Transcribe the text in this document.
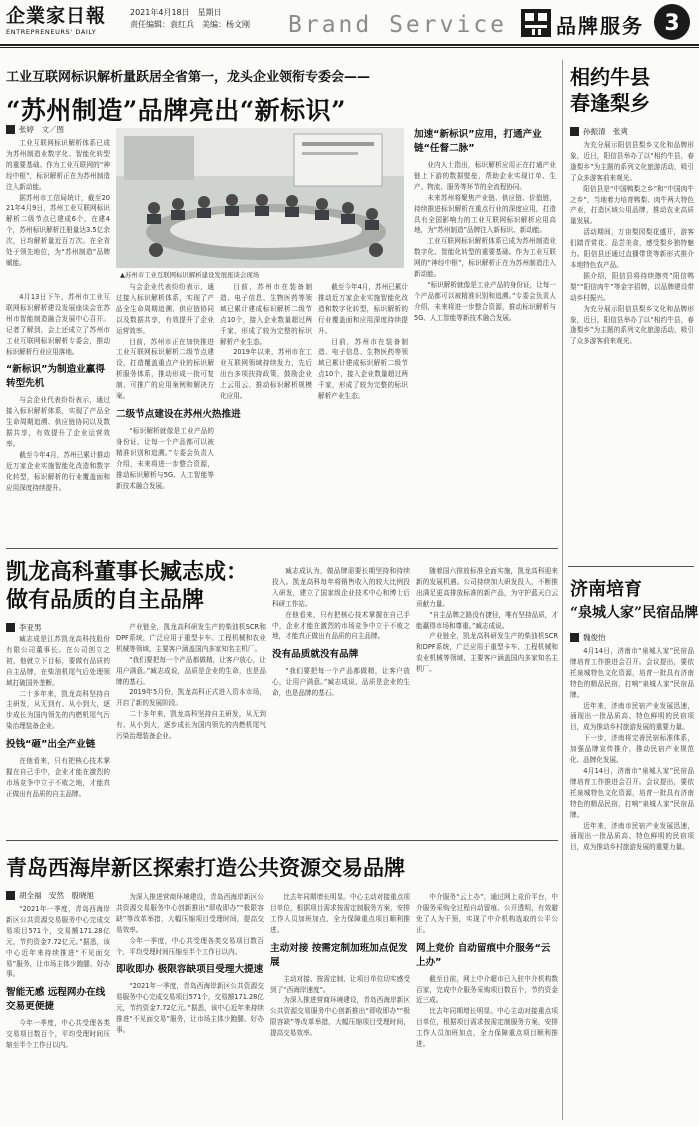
企業家日報
ENTREPRENEURS' DAILY
2021年4月18日　星期日
责任编辑：袁红兵　美编：杨文刚 Brand Service 品牌服务 3
工业互联网标识解析量跃居全省第一，龙头企业领衔专委会——
“苏州制造”品牌亮出“新标识”
张婷　文／图

工业互联网标识解析体系已成为苏州制造业数字化、智能化转型的重要基础。作为工业互联网的“神经中枢”，标识解析正在为苏州制造注入新动能。

据苏州市工信局统计，截至2021年4月9日，苏州工业互联网标识解析二级节点已建成6个，在建4个，苏州标识解析注册量达3.5亿余次，日均解析量近百万次。在全省处于领先地位，为“苏州制造”品牌赋能。

▲苏州市工业互联网标识解析建设发展座谈会现场

4月13日下午，苏州市工业互联网标识解析建设发展座谈会在苏州市智能制造融合发展中心召开。记者了解到，会上还成立了苏州市工业互联网标识解析专委会，推动标识解析行业应用落地。

“新标识”为制造业赢得转型先机

与会企业代表纷纷表示，通过接入标识解析体系，实现了产品全生命周期追溯、供应链协同以及数据共享，有效提升了企业运营效率。

截至今年4月，苏州已累计推动近万家企业实施智能化改造和数字化转型，标识解析的行业覆盖面和应用深度持续提升。

与会企业代表纷纷表示，通过接入标识解析体系，实现了产品全生命周期追溯、供应链协同以及数据共享，有效提升了企业运营效率。

目前，苏州市正在加快推进工业互联网标识解析二级节点建设，打造覆盖重点产业的标识解析服务体系，推动形成一批可复制、可推广的应用案例和解决方案。

二级节点建设在苏州火热推进

“标识解析就像是工业产品的身份证，让每一个产品都可以被精准识别和追溯。”专委会负责人介绍，未来将进一步整合资源，推动标识解析与5G、人工智能等新技术融合发展。

目前，苏州市在装备制造、电子信息、生物医药等领域已累计建成标识解析二级节点10个，接入企业数量超过两千家，形成了较为完整的标识解析产业生态。

2019年以来，苏州市在工业互联网领域持续发力，先后出台多项扶持政策，鼓励企业上云用云、推动标识解析规模化应用。

截至今年4月，苏州已累计推动近万家企业实施智能化改造和数字化转型，标识解析的行业覆盖面和应用深度持续提升。

目前，苏州市在装备制造、电子信息、生物医药等领域已累计建成标识解析二级节点10个，接入企业数量超过两千家，形成了较为完整的标识解析产业生态。

加速“新标识”应用，打通产业链“任督二脉”

业内人士指出，标识解析应用正在打通产业链上下游的数据壁垒，帮助企业实现订单、生产、物流、服务等环节的全流程协同。

未来苏州将聚焦产业链、供应链、价值链，持续推进标识解析在重点行业的深度应用，打造具有全国影响力的工业互联网标识解析应用高地，为“苏州制造”品牌注入新标识、新动能。

工业互联网标识解析体系已成为苏州制造业数字化、智能化转型的重要基础。作为工业互联网的“神经中枢”，标识解析正在为苏州制造注入新动能。

“标识解析就像是工业产品的身份证，让每一个产品都可以被精准识别和追溯。”专委会负责人介绍，未来将进一步整合资源，推动标识解析与5G、人工智能等新技术融合发展。

凯龙高科董事长臧志成：
做有品质的自主品牌
李亚男

臧志成是江苏凯龙高科技股份有限公司董事长。在公司创立之初，他就立下目标，要做有品质的自主品牌，在柴油机尾气后处理领域打破国外垄断。

二十多年来，凯龙高科坚持自主研发，从无到有、从小到大，逐步成长为国内领先的内燃机尾气污染治理装备企业。

投钱“砸”出全产业链

在他看来，只有把核心技术掌握在自己手中，企业才能在激烈的市场竞争中立于不败之地，才能真正做出有品质的自主品牌。

产业链全，凯龙高科研发生产的柴油机SCR和DPF系统，广泛应用于重型卡车、工程机械和农业机械等领域，主要客户涵盖国内多家知名主机厂。

“我们要把每一个产品都做精，让客户放心，让用户满意。”臧志成说，品质是企业的生命，也是品牌的基石。

2019年5月份，凯龙高科正式进入资本市场，开启了新的发展阶段。

二十多年来，凯龙高科坚持自主研发，从无到有、从小到大，逐步成长为国内领先的内燃机尾气污染治理装备企业。

臧志成认为，做品牌需要长期坚持和持续投入。凯龙高科每年将销售收入的较大比例投入研发，建立了国家级企业技术中心和博士后科研工作站。

在他看来，只有把核心技术掌握在自己手中，企业才能在激烈的市场竞争中立于不败之地，才能真正做出有品质的自主品牌。

没有品质就没有品牌

“我们要把每一个产品都做精，让客户放心，让用户满意。”臧志成说，品质是企业的生命，也是品牌的基石。

随着国六排放标准全面实施，凯龙高科迎来新的发展机遇。公司持续加大研发投入，不断推出满足更高排放标准的新产品，为守护蓝天白云贡献力量。

“自主品牌之路没有捷径，唯有坚持品质，才能赢得市场和尊重。”臧志成说。

产业链全，凯龙高科研发生产的柴油机SCR和DPF系统，广泛应用于重型卡车、工程机械和农业机械等领域，主要客户涵盖国内多家知名主机厂。

青岛西海岸新区探索打造公共资源交易品牌
胡全福　安然　殷晓旭

“2021年一季度，青岛西海岸新区公共资源交易服务中心完成交易项目571个，交易额171.28亿元，节约资金7.72亿元。”据悉，该中心近年来持续推进“不见面交易”服务，让市场主体少跑腿、好办事。

智能无感 远程网办在线交易更便捷

今年一季度，中心共受理各类交易项目数百个，平均受理时间压缩至半个工作日以内。

为深入推进营商环境建设，青岛西海岸新区公共资源交易服务中心创新推出“即收即办”“极限容缺”等改革举措，大幅压缩项目受理时间，提高交易效率。

今年一季度，中心共受理各类交易项目数百个，平均受理时间压缩至半个工作日以内。

即收即办 极限容缺项目受理大提速

“2021年一季度，青岛西海岸新区公共资源交易服务中心完成交易项目571个，交易额171.28亿元，节约资金7.72亿元。”据悉，该中心近年来持续推进“不见面交易”服务，让市场主体少跑腿、好办事。

比去年同期增长明显。中心主动对接重点项目单位，根据项目需求按需定制服务方案，安排工作人员加班加点，全力保障重点项目顺利推进。

主动对接 按需定制加班加点促发展

主动对接、按需定制，让项目单位切实感受到了“西海岸速度”。

为深入推进营商环境建设，青岛西海岸新区公共资源交易服务中心创新推出“即收即办”“极限容缺”等改革举措，大幅压缩项目受理时间，提高交易效率。

中介服务“云上办”，通过网上竞价平台，中介服务采购全过程自动留痕、公开透明，有效避免了人为干预，实现了中介机构选取的公平公正。

网上竞价 自动留痕中介服务“云上办”

截至目前，网上中介超市已入驻中介机构数百家，完成中介服务采购项目数百个，节约资金近三成。

比去年同期增长明显。中心主动对接重点项目单位，根据项目需求按需定制服务方案，安排工作人员加班加点，全力保障重点项目顺利推进。

相约牛县
春逢梨乡
孙振清　张爽

为充分展示阳信县梨乡文化和品牌形象，近日，阳信县举办了以“相约牛县，春逢梨乡”为主题的系列文化旅游活动，吸引了众多游客前来观光。

阳信县是“中国鸭梨之乡”和“中国肉牛之乡”，当地着力培育鸭梨、肉牛两大特色产业，打造区域公用品牌，推动农业高质量发展。

活动期间，万亩梨园梨花盛开，游客们踏青赏花、品尝美食，感受梨乡独特魅力。阳信县还通过直播带货等新形式推介本地特色农产品。

据介绍，阳信县将持续擦亮“阳信鸭梨”“阳信肉牛”等金字招牌，以品牌建设带动乡村振兴。

为充分展示阳信县梨乡文化和品牌形象，近日，阳信县举办了以“相约牛县，春逢梨乡”为主题的系列文化旅游活动，吸引了众多游客前来观光。

济南培育
“泉城人家”民宿品牌
魏俊怡

4月14日，济南市“泉城人家”民宿品牌培育工作推进会召开。会议提出，要依托泉城特色文化资源，培育一批具有济南特色的精品民宿，打响“泉城人家”民宿品牌。

近年来，济南市民宿产业发展迅速，涌现出一批品质高、特色鲜明的民宿项目，成为推动乡村旅游发展的重要力量。

下一步，济南将完善民宿标准体系，加强品牌宣传推介，推动民宿产业规范化、品牌化发展。

4月14日，济南市“泉城人家”民宿品牌培育工作推进会召开。会议提出，要依托泉城特色文化资源，培育一批具有济南特色的精品民宿，打响“泉城人家”民宿品牌。

近年来，济南市民宿产业发展迅速，涌现出一批品质高、特色鲜明的民宿项目，成为推动乡村旅游发展的重要力量。
